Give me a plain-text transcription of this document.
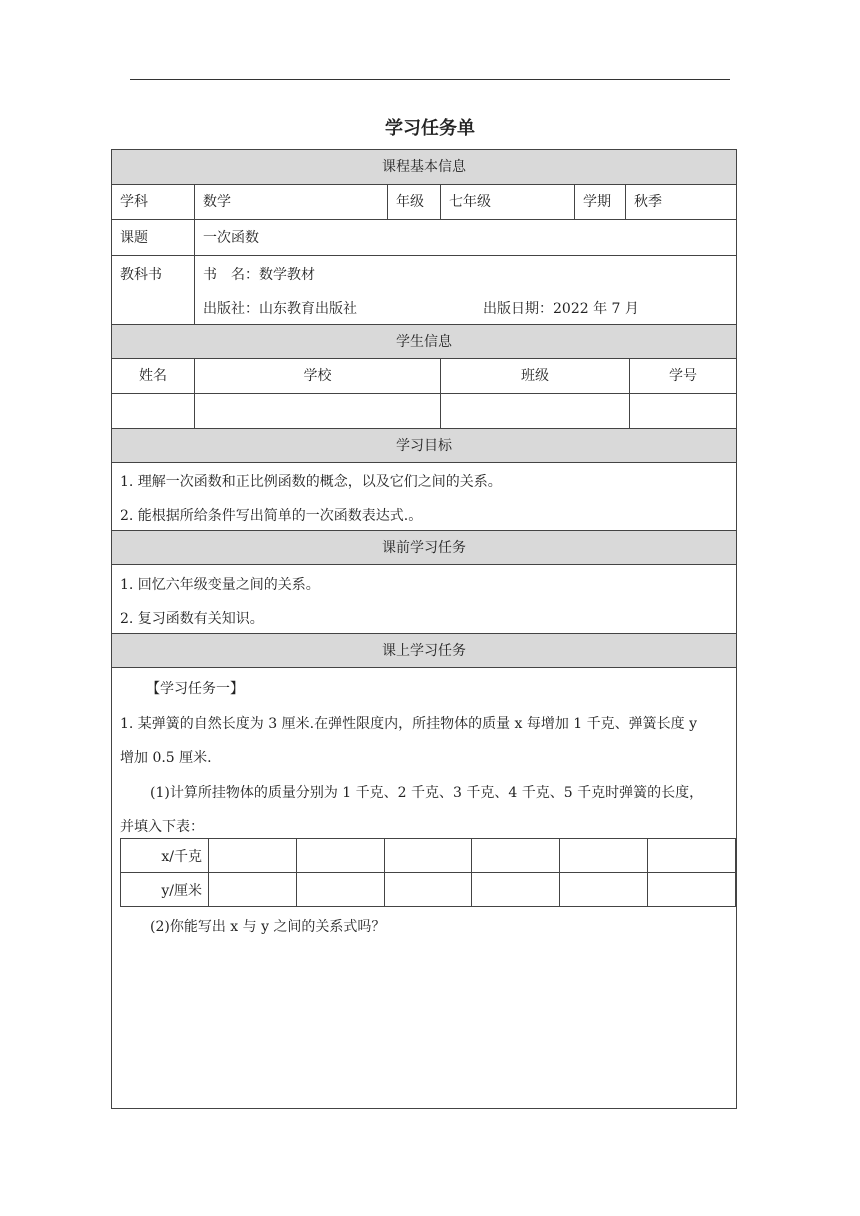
学习任务单
课程基本信息
学科	数学	年级	七年级	学期	秋季
课题	一次函数
教科书	书　名：数学教材
出版社：山东教育出版社	出版日期：2022 年 7 月
学生信息
姓名	学校	班级	学号
学习目标
1. 理解一次函数和正比例函数的概念，以及它们之间的关系。
2. 能根据所给条件写出简单的一次函数表达式.。
课前学习任务
1. 回忆六年级变量之间的关系。
2. 复习函数有关知识。
课上学习任务
【学习任务一】
1. 某弹簧的自然长度为 3 厘米.在弹性限度内，所挂物体的质量 x 每增加 1 千克、弹簧长度 y
增加 0.5 厘米.
(1)计算所挂物体的质量分别为 1 千克、2 千克、3 千克、4 千克、5 千克时弹簧的长度，
并填入下表：
x/千克						
y/厘米						
(2)你能写出 x 与 y 之间的关系式吗？
